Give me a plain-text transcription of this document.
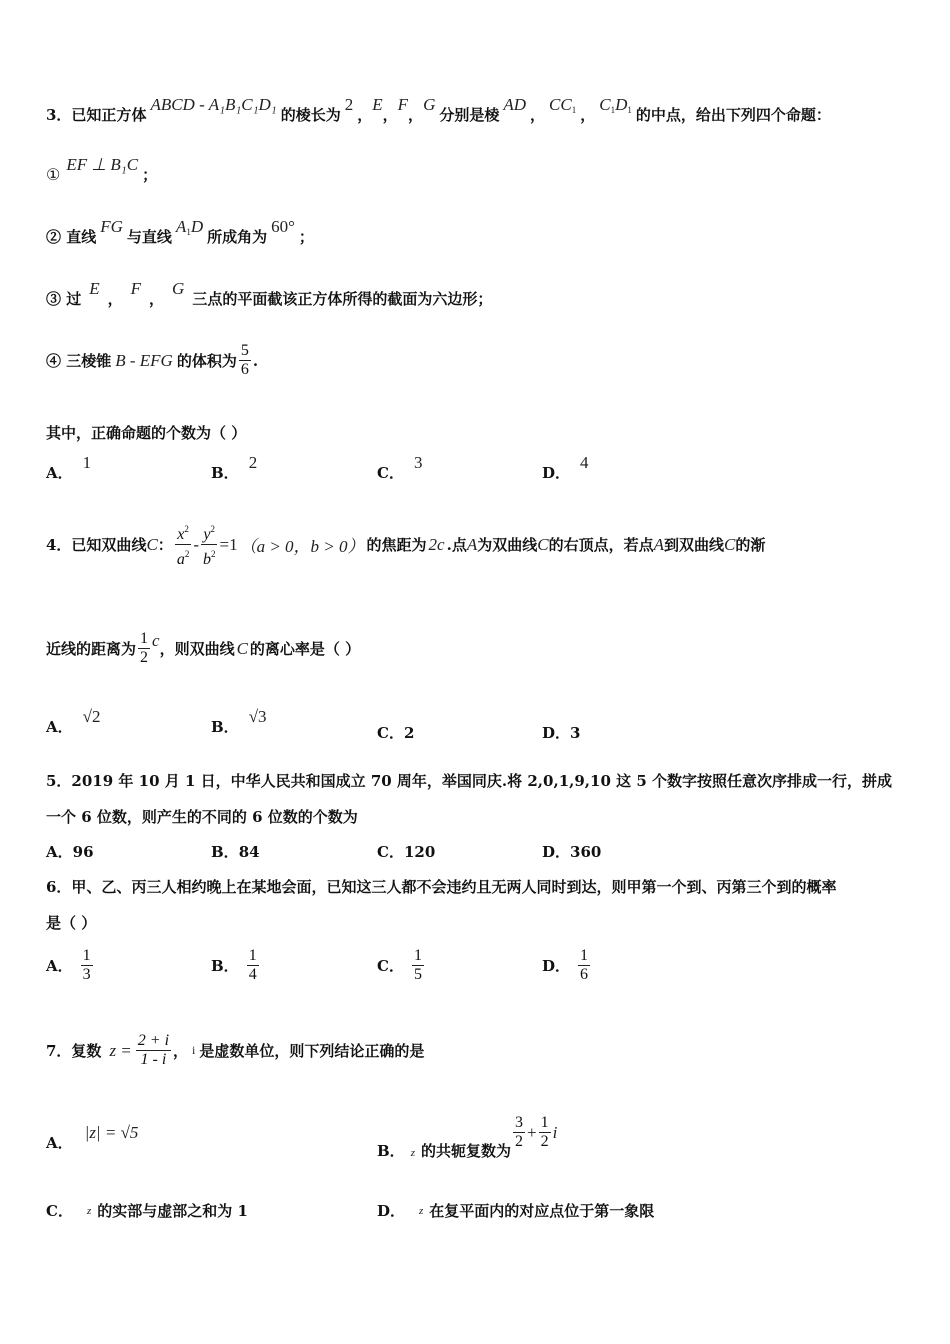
3．已知正方体
ABCD - A₁B₁C₁D₁
的棱长为
2
，
E
，
F
，
G
分别是棱
AD
，
$CC_1$ ，
$C_1D_1$ 的中点，给出下列四个命题：
①
EF ⊥ B₁C
；
② 直线
FG
与直线
$A_1D$
所成角为
60°
；
③ 过
E
，
F
，
G
三点的平面截该正方体所得的截面为六边形；
④ 三棱锥 B - EFG 的体积为 $\frac{5}{6}$ .
其中，正确命题的个数为（ ）
A．
1
B．
2
C．
3
D．
4
4．已知双曲线 C ： $\frac{x^2}{a^2} - \frac{y^2}{b^2} =1$ （a > 0，b > 0） 的焦距为 2c .点 A 为双曲线 C 的右顶点，若点 A 到双曲线 C 的渐
近线的距离为 $\frac{1}{2}$ c ，则双曲线 C 的离心率是（ ）
A．
√2
B．
√3
C． 2	D． 3
5．2019 年 10 月 1 日，中华人民共和国成立 70 周年，举国同庆.将 2,0,1,9,10 这 5 个数字按照任意次序排成一行，拼成
一个 6 位数，则产生的不同的 6 位数的个数为
A． 96	B． 84	C． 120	D． 360
6．甲、乙、丙三人相约晚上在某地会面，已知这三人都不会违约且无两人同时到达，则甲第一个到、丙第三个到的概率
是（ ）
A． $\frac{1}{3}$	B． $\frac{1}{4}$	C． $\frac{1}{5}$	D． $\frac{1}{6}$
7．复数 $z = \frac{2 + i}{1 - i}$ ， i 是虚数单位，则下列结论正确的是
A．
|z| = √5
B． z 的共轭复数为 $\frac{3}{2} + \frac{1}{2}$ i
C． z 的实部与虚部之和为 1	D． z 在复平面内的对应点位于第一象限
